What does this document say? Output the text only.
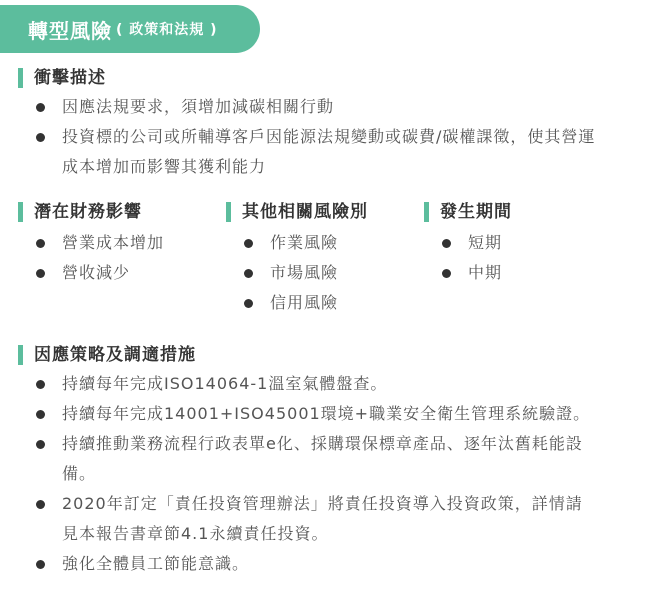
轉型風險 ( 政策和法規 )
衝擊描述
因應法規要求，須增加減碳相關行動
投資標的公司或所輔導客戶因能源法規變動或碳費/碳權課徵，使其營運成本增加而影響其獲利能力
潛在財務影響
營業成本增加
營收減少
其他相關風險別
作業風險
市場風險
信用風險
發生期間
短期
中期
因應策略及調適措施
持續每年完成ISO14064-1溫室氣體盤查。
持續每年完成14001+ISO45001環境+職業安全衛生管理系統驗證。
持續推動業務流程行政表單e化、採購環保標章產品、逐年汰舊耗能設備。
2020年訂定「責任投資管理辦法」將責任投資導入投資政策，詳情請見本報告書章節4.1永續責任投資。
強化全體員工節能意識。
